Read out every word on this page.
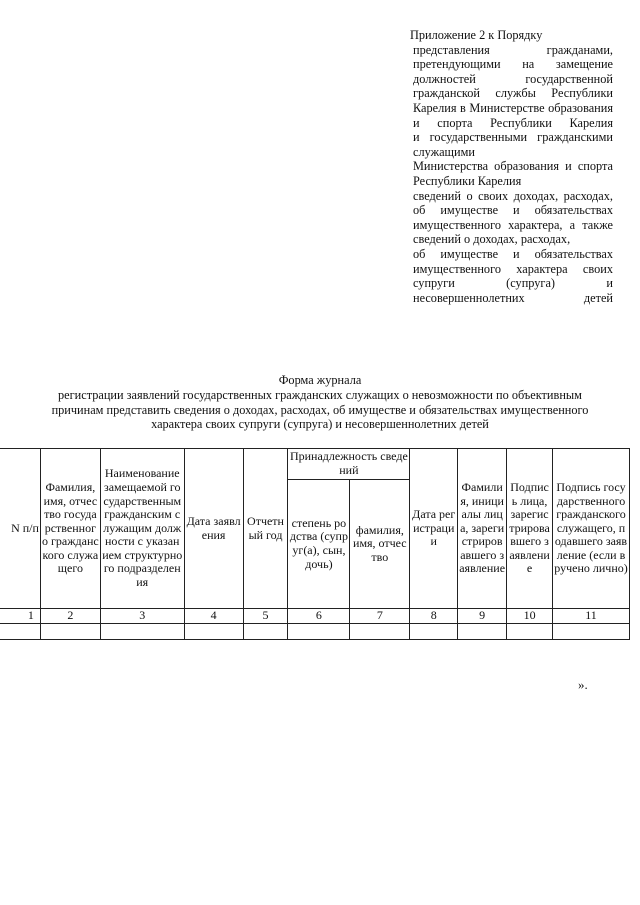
Приложение 2 к Порядку
представления гражданами, претендующими на замещение должностей государственной гражданской службы Республики Карелия в Министерстве образования и спорта Республики Карелия
и государственными гражданскими служащими
Министерства образования и спорта Республики Карелия
сведений о своих доходах, расходах, об имуществе и обязательствах имущественного характера, а также сведений о доходах, расходах,
об имуществе и обязательствах имущественного характера своих супруги (супруга) и несовершеннолетних детей
Форма журнала
регистрации заявлений государственных гражданских служащих о невозможности по объективным
причинам представить сведения о доходах, расходах, об имуществе и обязательствах имущественного
характера своих супруги (супруга) и несовершеннолетних детей
N п/п	Фамилия, имя, отчество государственного гражданского служащего	Наименование замещаемой государственным гражданским служащим должности с указанием структурного подразделения	Дата заявления	Отчетный год	Принадлежность сведений		Дата регистрации	Фамилия, инициалы лица, зарегистрировавшего заявление	Подпись лица, зарегистрировавшего заявление	Подпись государственного гражданского служащего, подавшего заявление (если вручено лично)
					степень родства (супруг(а), сын, дочь)	фамилия, имя, отчество				
1	2	3	4	5	6	7	8	9	10	11

».
